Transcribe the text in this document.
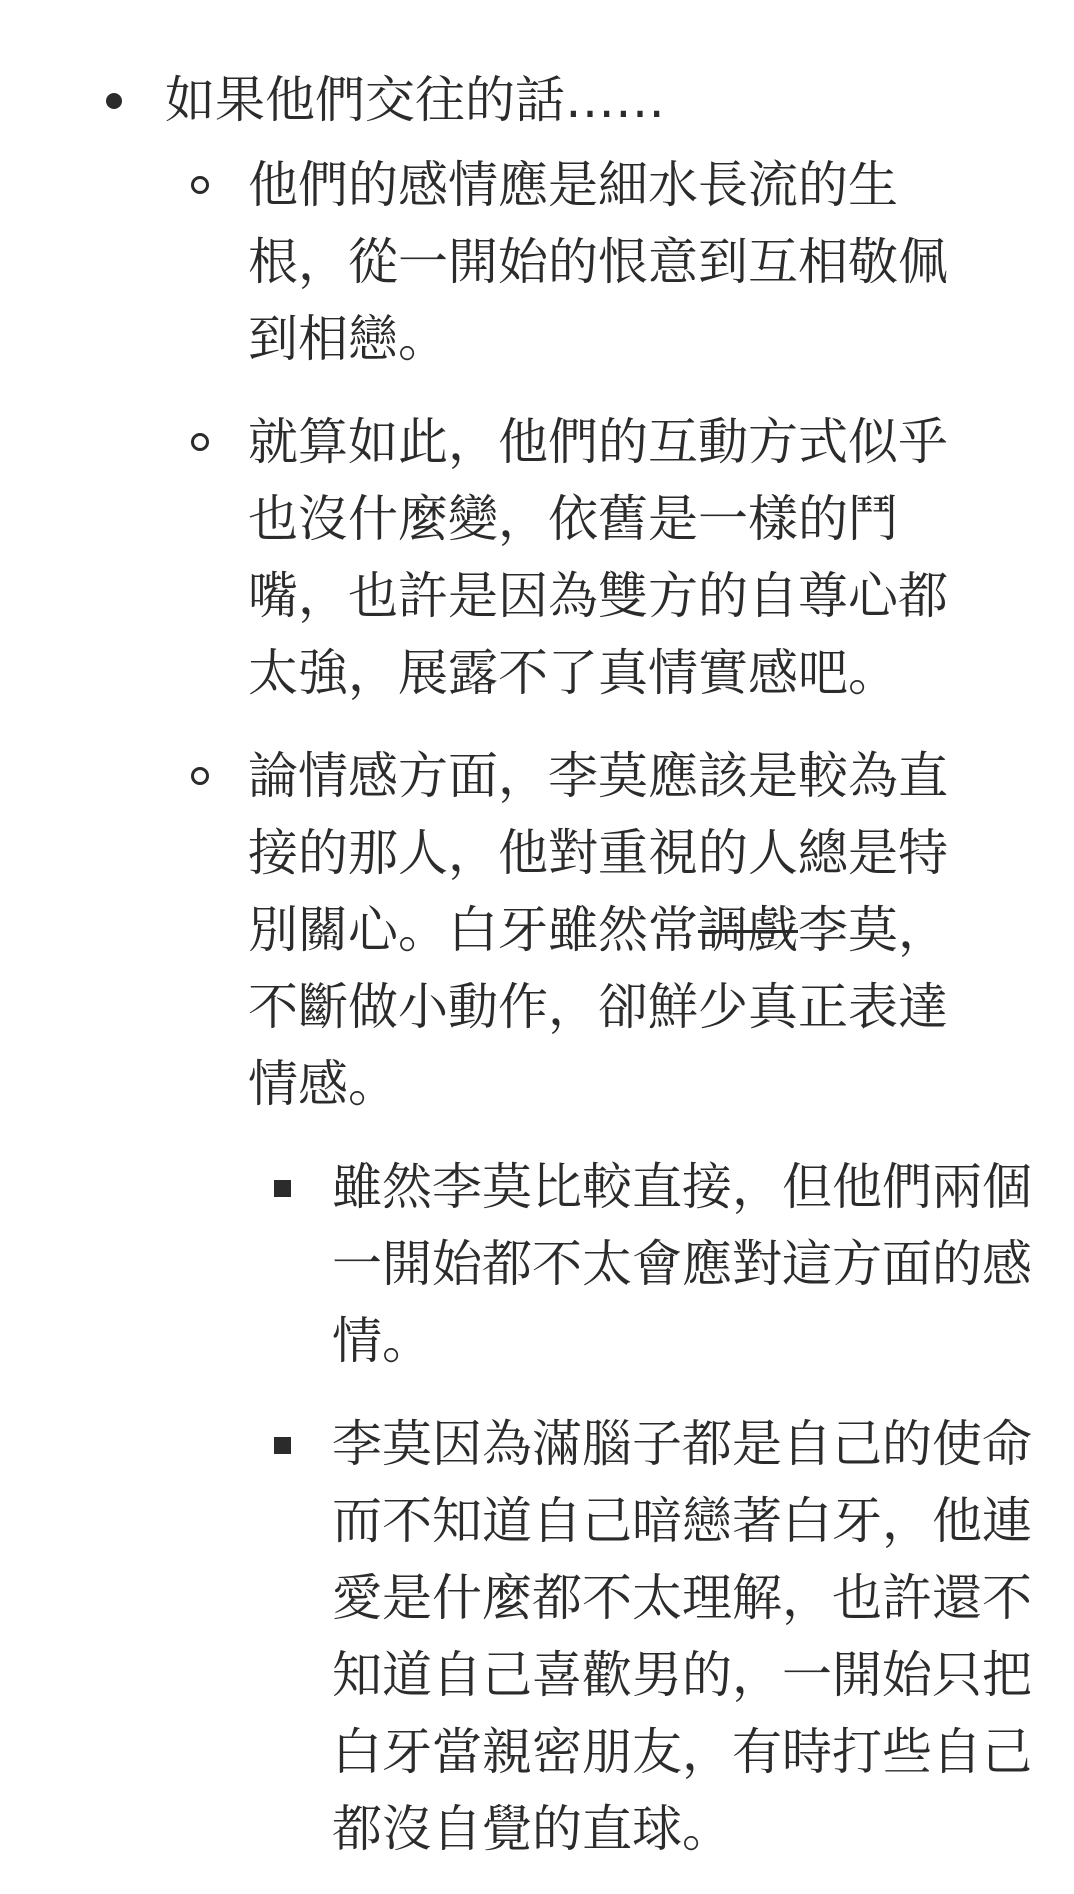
如果他們交往的話……
他們的感情應是細水長流的生根，從一開始的恨意到互相敬佩到相戀。
就算如此，他們的互動方式似乎也沒什麼變，依舊是一樣的鬥嘴，也許是因為雙方的自尊心都太強，展露不了真情實感吧。
論情感方面，李莫應該是較為直接的那人，他對重視的人總是特別關心。白牙雖然常調戲李莫，不斷做小動作，卻鮮少真正表達情感。
雖然李莫比較直接，但他們兩個一開始都不太會應對這方面的感情。
李莫因為滿腦子都是自己的使命而不知道自己暗戀著白牙，他連愛是什麼都不太理解，也許還不知道自己喜歡男的，一開始只把白牙當親密朋友，有時打些自己都沒自覺的直球。
